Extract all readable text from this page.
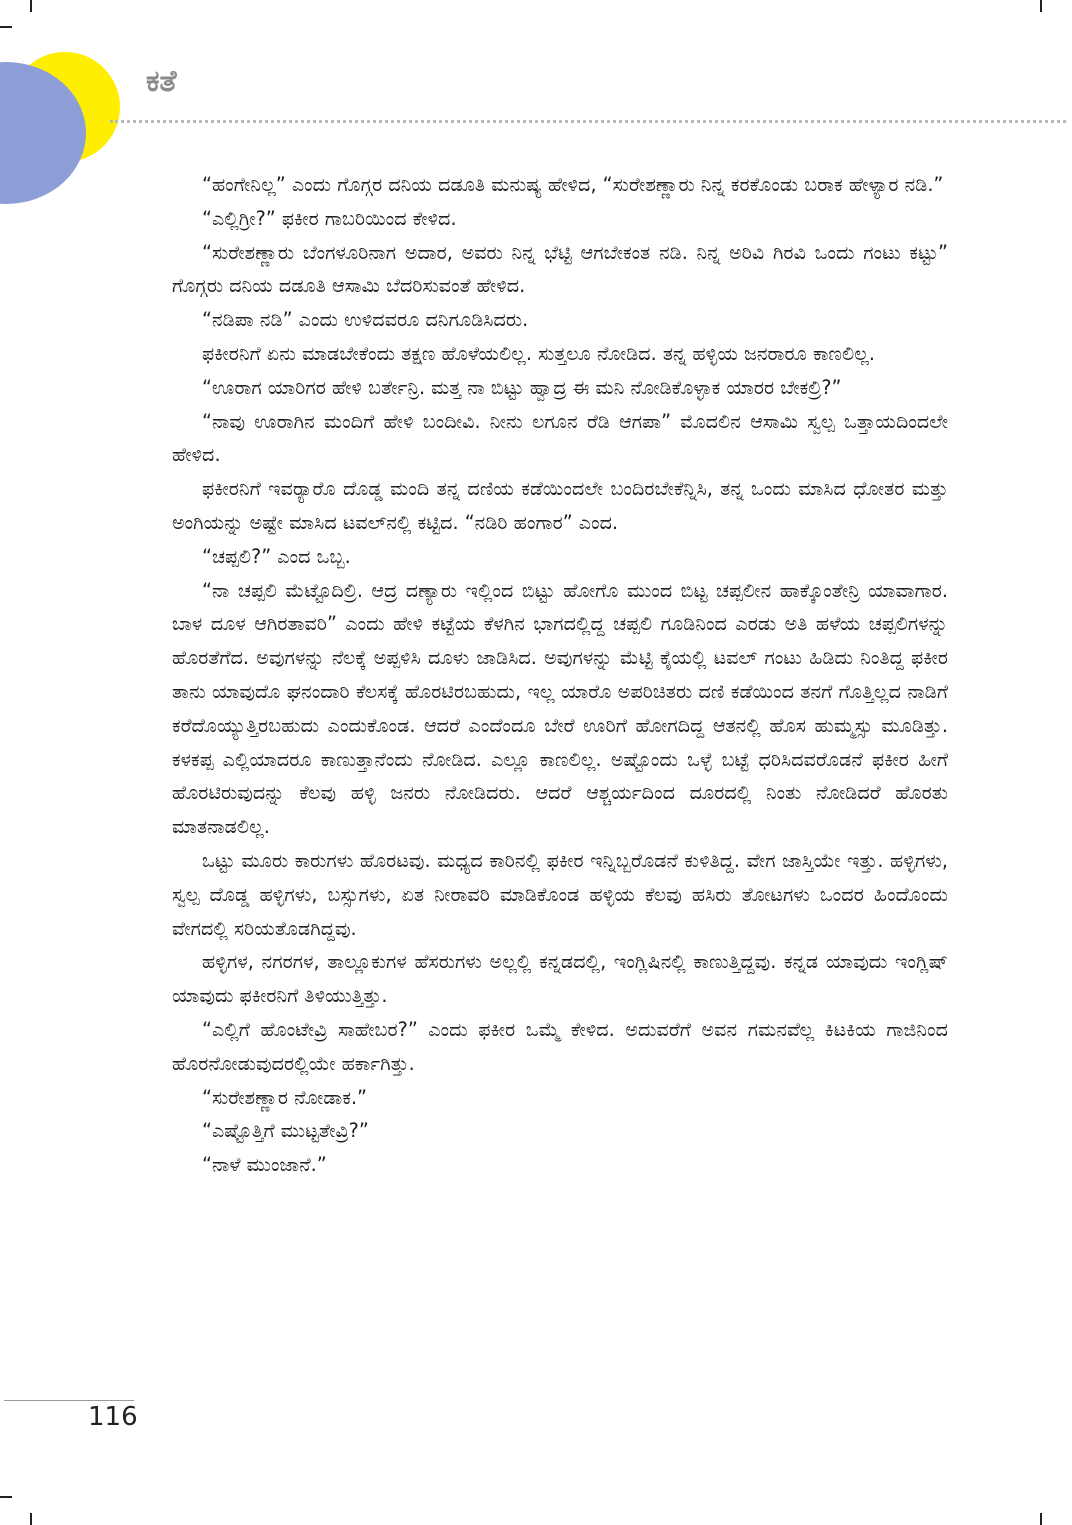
ಕತೆ

“ಹಂಗೇನಿಲ್ಲ” ಎಂದು ಗೊಗ್ಗರ ದನಿಯ ದಡೂತಿ ಮನುಷ್ಯ ಹೇಳಿದ, “ಸುರೇಶಣ್ಣಾರು ನಿನ್ನ ಕರಕೊಂಡು ಬರಾಕ ಹೇಳ್ಯಾರ ನಡಿ.”

“ಎಲ್ಲಿಗ್ರೀ?” ಫಕೀರ ಗಾಬರಿಯಿಂದ ಕೇಳಿದ.

“ಸುರೇಶಣ್ಣಾರು ಬೆಂಗಳೂರಿನಾಗ ಅದಾರ, ಅವರು ನಿನ್ನ ಭೆಟ್ಟಿ ಆಗಬೇಕಂತ ನಡಿ. ನಿನ್ನ ಅರಿವಿ ಗಿರವಿ ಒಂದು ಗಂಟು ಕಟ್ಟು” ಗೊಗ್ಗರು ದನಿಯ ದಡೂತಿ ಆಸಾಮಿ ಬೆದರಿಸುವಂತೆ ಹೇಳಿದ.

“ನಡಿಪಾ ನಡಿ” ಎಂದು ಉಳಿದವರೂ ದನಿಗೂಡಿಸಿದರು.

ಫಕೀರನಿಗೆ ಏನು ಮಾಡಬೇಕೆಂದು ತಕ್ಷಣ ಹೊಳೆಯಲಿಲ್ಲ. ಸುತ್ತಲೂ ನೋಡಿದ. ತನ್ನ ಹಳ್ಳಿಯ ಜನರಾರೂ ಕಾಣಲಿಲ್ಲ.

“ಊರಾಗ ಯಾರಿಗರ ಹೇಳಿ ಬರ್ತೇನ್ರಿ. ಮತ್ತ ನಾ ಬಿಟ್ಟು ಹ್ವಾದ್ರ ಈ ಮನಿ ನೋಡಿಕೊಳ್ಳಾಕ ಯಾರರ ಬೇಕಲ್ರಿ?”

“ನಾವು ಊರಾಗಿನ ಮಂದಿಗೆ ಹೇಳಿ ಬಂದೀವಿ. ನೀನು ಲಗೂನ ರೆಡಿ ಆಗಪಾ” ಮೊದಲಿನ ಆಸಾಮಿ ಸ್ವಲ್ಪ ಒತ್ತಾಯದಿಂದಲೇ ಹೇಳಿದ.

ಫಕೀರನಿಗೆ ಇವರ್‍ಯಾರೊ ದೊಡ್ಡ ಮಂದಿ ತನ್ನ ದಣಿಯ ಕಡೆಯಿಂದಲೇ ಬಂದಿರಬೇಕೆನ್ನಿಸಿ, ತನ್ನ ಒಂದು ಮಾಸಿದ ಧೋತರ ಮತ್ತು ಅಂಗಿಯನ್ನು ಅಷ್ಟೇ ಮಾಸಿದ ಟವಲ್‌ನಲ್ಲಿ ಕಟ್ಟಿದ. “ನಡಿರಿ ಹಂಗಾರ” ಎಂದ.

“ಚಪ್ಪಲಿ?” ಎಂದ ಒಬ್ಬ.

“ನಾ ಚಪ್ಪಲಿ ಮೆಟ್ಟೊದಿಲ್ರಿ. ಆದ್ರ ದಣ್ಯಾರು ಇಲ್ಲಿಂದ ಬಿಟ್ಟು ಹೋಗೊ ಮುಂದ ಬಿಟ್ಟ ಚಪ್ಪಲೀನ ಹಾಕ್ಕೊಂತೇನ್ರಿ ಯಾವಾಗಾರ. ಬಾಳ ದೂಳ ಆಗಿರತಾವರಿ” ಎಂದು ಹೇಳಿ ಕಟ್ಟೆಯ ಕೆಳಗಿನ ಭಾಗದಲ್ಲಿದ್ದ ಚಪ್ಪಲಿ ಗೂಡಿನಿಂದ ಎರಡು ಅತಿ ಹಳೆಯ ಚಪ್ಪಲಿಗಳನ್ನು ಹೊರತೆಗೆದ. ಅವುಗಳನ್ನು ನೆಲಕ್ಕೆ ಅಪ್ಪಳಿಸಿ ದೂಳು ಜಾಡಿಸಿದ. ಅವುಗಳನ್ನು ಮೆಟ್ಟಿ ಕೈಯಲ್ಲಿ ಟವಲ್ ಗಂಟು ಹಿಡಿದು ನಿಂತಿದ್ದ ಫಕೀರ ತಾನು ಯಾವುದೊ ಘನಂದಾರಿ ಕೆಲಸಕ್ಕೆ ಹೊರಟಿರಬಹುದು, ಇಲ್ಲ ಯಾರೊ ಅಪರಿಚಿತರು ದಣಿ ಕಡೆಯಿಂದ ತನಗೆ ಗೊತ್ತಿಲ್ಲದ ನಾಡಿಗೆ ಕರೆದೊಯ್ಯುತ್ತಿರಬಹುದು ಎಂದುಕೊಂಡ. ಆದರೆ ಎಂದೆಂದೂ ಬೇರೆ ಊರಿಗೆ ಹೋಗದಿದ್ದ ಆತನಲ್ಲಿ ಹೊಸ ಹುಮ್ಮಸ್ಸು ಮೂಡಿತ್ತು. ಕಳಕಪ್ಪ ಎಲ್ಲಿಯಾದರೂ ಕಾಣುತ್ತಾನೆಂದು ನೋಡಿದ. ಎಲ್ಲೂ ಕಾಣಲಿಲ್ಲ. ಅಷ್ಟೊಂದು ಒಳ್ಳೆ ಬಟ್ಟೆ ಧರಿಸಿದವರೊಡನೆ ಫಕೀರ ಹೀಗೆ ಹೊರಟಿರುವುದನ್ನು ಕೆಲವು ಹಳ್ಳಿ ಜನರು ನೋಡಿದರು. ಆದರೆ ಆಶ್ಚರ್ಯದಿಂದ ದೂರದಲ್ಲಿ ನಿಂತು ನೋಡಿದರೆ ಹೊರತು ಮಾತನಾಡಲಿಲ್ಲ.

ಒಟ್ಟು ಮೂರು ಕಾರುಗಳು ಹೊರಟವು. ಮಧ್ಯದ ಕಾರಿನಲ್ಲಿ ಫಕೀರ ಇನ್ನಿಬ್ಬರೊಡನೆ ಕುಳಿತಿದ್ದ. ವೇಗ ಜಾಸ್ತಿಯೇ ಇತ್ತು. ಹಳ್ಳಿಗಳು, ಸ್ವಲ್ಪ ದೊಡ್ಡ ಹಳ್ಳಿಗಳು, ಬಸ್ಸುಗಳು, ಏತ ನೀರಾವರಿ ಮಾಡಿಕೊಂಡ ಹಳ್ಳಿಯ ಕೆಲವು ಹಸಿರು ತೋಟಗಳು ಒಂದರ ಹಿಂದೊಂದು ವೇಗದಲ್ಲಿ ಸರಿಯತೊಡಗಿದ್ದವು.

ಹಳ್ಳಿಗಳ, ನಗರಗಳ, ತಾಲ್ಲೂಕುಗಳ ಹೆಸರುಗಳು ಅಲ್ಲಲ್ಲಿ ಕನ್ನಡದಲ್ಲಿ, ಇಂಗ್ಲಿಷಿನಲ್ಲಿ ಕಾಣುತ್ತಿದ್ದವು. ಕನ್ನಡ ಯಾವುದು ಇಂಗ್ಲಿಷ್ ಯಾವುದು ಫಕೀರನಿಗೆ ತಿಳಿಯುತ್ತಿತ್ತು.

“ಎಲ್ಲಿಗೆ ಹೊಂಟೇವ್ರಿ ಸಾಹೇಬರ?” ಎಂದು ಫಕೀರ ಒಮ್ಮೆ ಕೇಳಿದ. ಅದುವರೆಗೆ ಅವನ ಗಮನವೆಲ್ಲ ಕಿಟಕಿಯ ಗಾಜಿನಿಂದ ಹೊರನೋಡುವುದರಲ್ಲಿಯೇ ಹರ್ಕಾಗಿತ್ತು.

“ಸುರೇಶಣ್ಣಾರ ನೋಡಾಕ.”

“ಎಷ್ಟೊತ್ತಿಗೆ ಮುಟ್ಟತೇವ್ರಿ?”

“ನಾಳೆ ಮುಂಜಾನೆ.”

116
